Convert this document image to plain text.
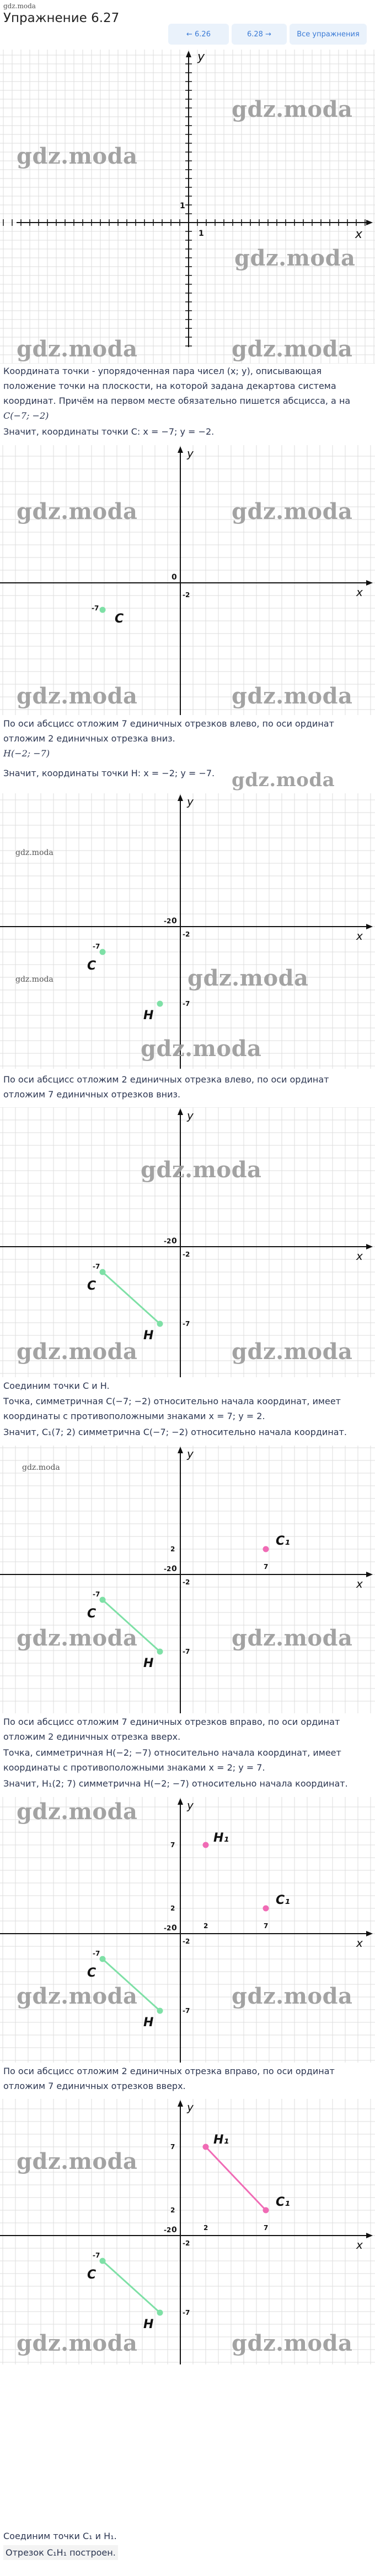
gdz.moda
Упражнение 6.27
← 6.26	6.28 →	Все упражнения
x
y
1
1
Координата точки - упорядоченная пара чисел (x; y), описывающая положение точки на плоскости, на которой задана декартова система координат. Причём на первом месте обязательно пишется абсцисса, а на C(−7; −2)
Значит, координаты точки C: x = −7; y = −2.
x
y
0
-7
-2
C
По оси абсцисс отложим 7 единичных отрезков влево, по оси ординат отложим 2 единичных отрезка вниз.
H(−2; −7)
Значит, координаты точки H: x = −2; y = −7.
x
y
0
C
H
-7
-2
-2
-7
По оси абсцисс отложим 2 единичных отрезка влево, по оси ординат отложим 7 единичных отрезков вниз.
x
y
0
C
H
-7
-2
-2
-7
Соединим точки C и H.
Точка, симметричная C(−7; −2) относительно начала координат, имеет координаты с противоположными знаками x = 7; y = 2.
Значит, C₁(7; 2) симметрична C(−7; −2) относительно начала координат.
x
y
0
C
H
-7
-2
-2
-7
C₁
2
7
По оси абсцисс отложим 7 единичных отрезков вправо, по оси ординат отложим 2 единичных отрезка вверх.
Точка, симметричная H(−2; −7) относительно начала координат, имеет координаты с противоположными знаками x = 2; y = 7.
Значит, H₁(2; 7) симметрична H(−2; −7) относительно начала координат.
x
y
0
C
H
-7
-2
-2
-7
C₁
2
7
H₁
7
2
По оси абсцисс отложим 2 единичных отрезка вправо, по оси ординат отложим 7 единичных отрезков вверх.
x
y
0
C
H
-7
-2
-2
-7
C₁
2
7
H₁
7
2
Соединим точки C₁ и H₁.
Отрезок C₁H₁ построен.
gdz.moda
gdz.moda
gdz.moda
gdz.moda	gdz.moda
gdz.moda	gdz.moda
gdz.moda	gdz.moda
gdz.moda
gdz.moda
gdz.moda	gdz.moda
gdz.moda
gdz.moda
gdz.moda	gdz.moda
gdz.moda
gdz.moda	gdz.moda
gdz.moda
gdz.moda	gdz.moda
gdz.moda
gdz.moda	gdz.moda
